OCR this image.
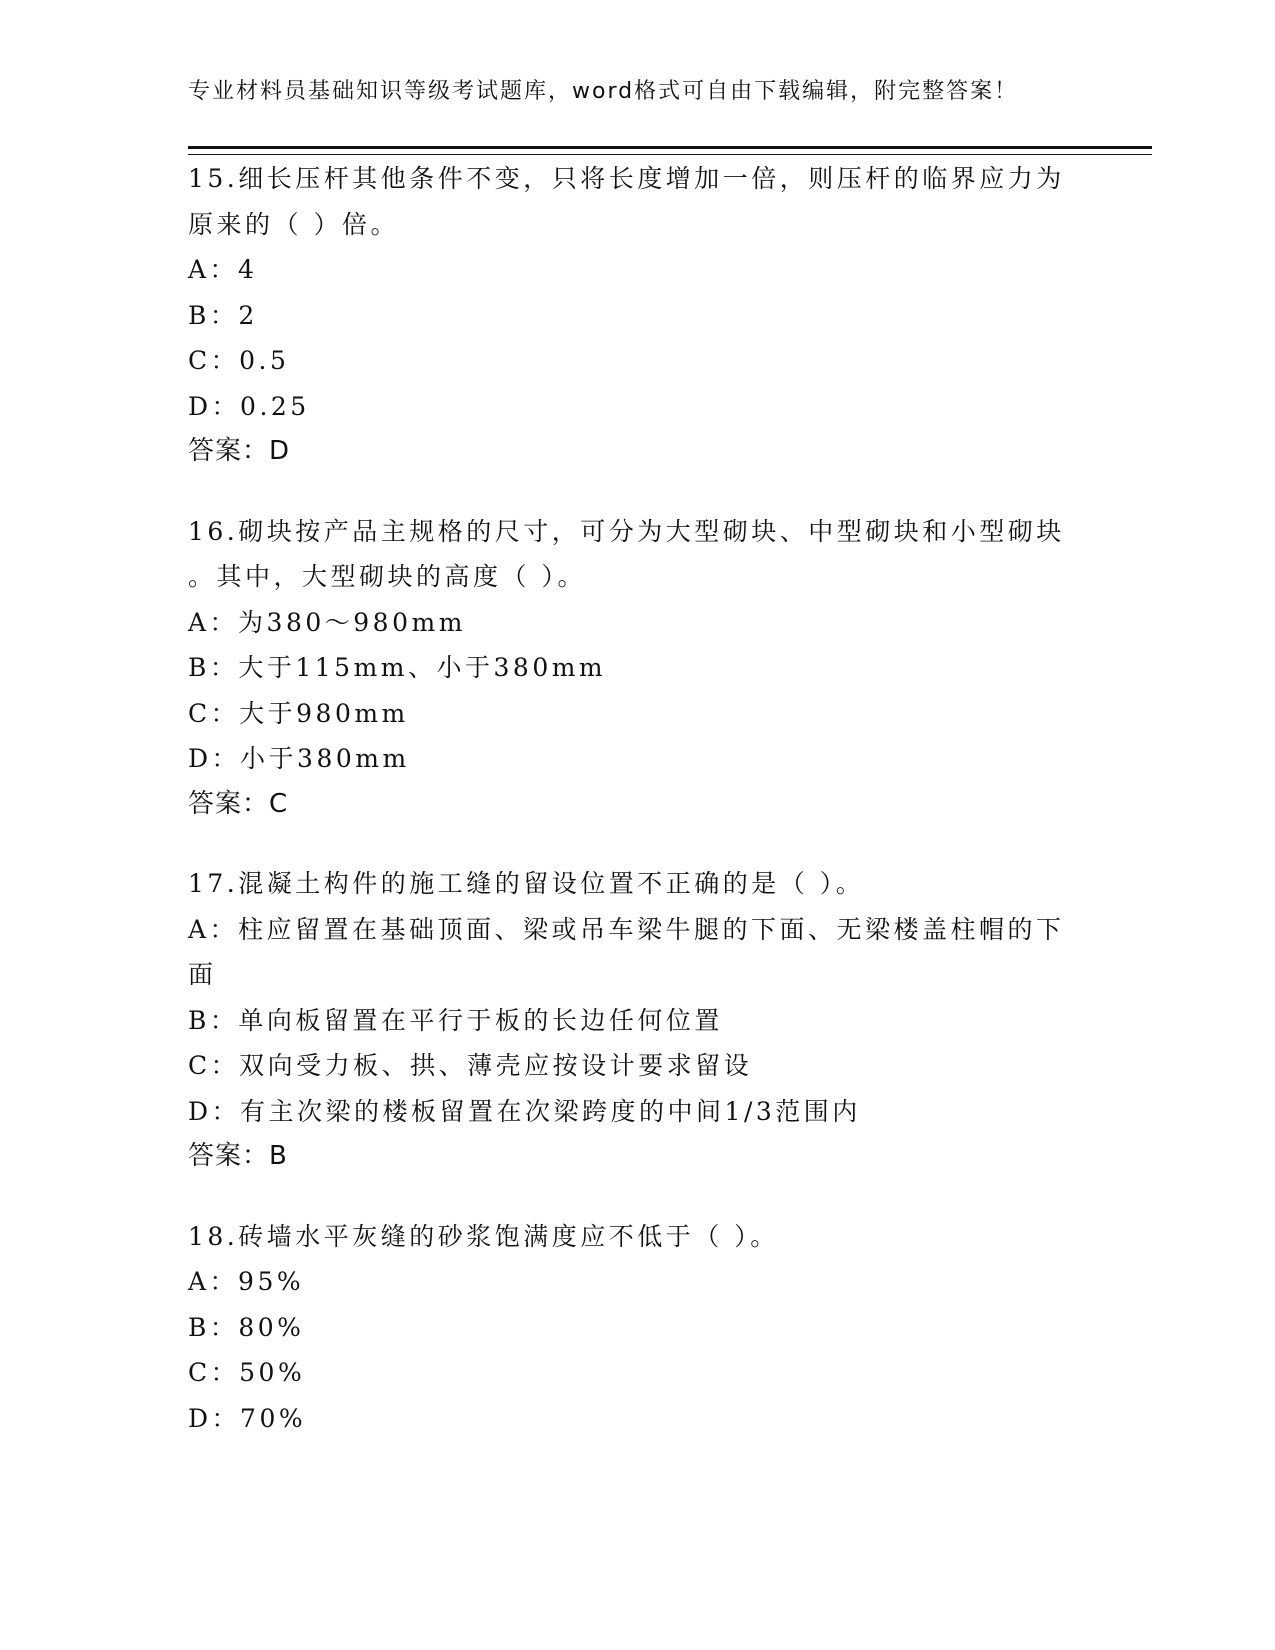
专业材料员基础知识等级考试题库，word格式可自由下载编辑，附完整答案！
15.细长压杆其他条件不变，只将长度增加一倍，则压杆的临界应力为
原来的（ ）倍。
A：4
B：2
C：0.5
D：0.25
答案：D
16.砌块按产品主规格的尺寸，可分为大型砌块、中型砌块和小型砌块
。其中，大型砌块的高度（ ）。
A：为380～980mm
B：大于115mm、小于380mm
C：大于980mm
D：小于380mm
答案：C
17.混凝土构件的施工缝的留设位置不正确的是（ ）。
A：柱应留置在基础顶面、梁或吊车梁牛腿的下面、无梁楼盖柱帽的下面
B：单向板留置在平行于板的长边任何位置
C：双向受力板、拱、薄壳应按设计要求留设
D：有主次梁的楼板留置在次梁跨度的中间1/3范围内
答案：B
18.砖墙水平灰缝的砂浆饱满度应不低于（ ）。
A：95%
B：80%
C：50%
D：70%
